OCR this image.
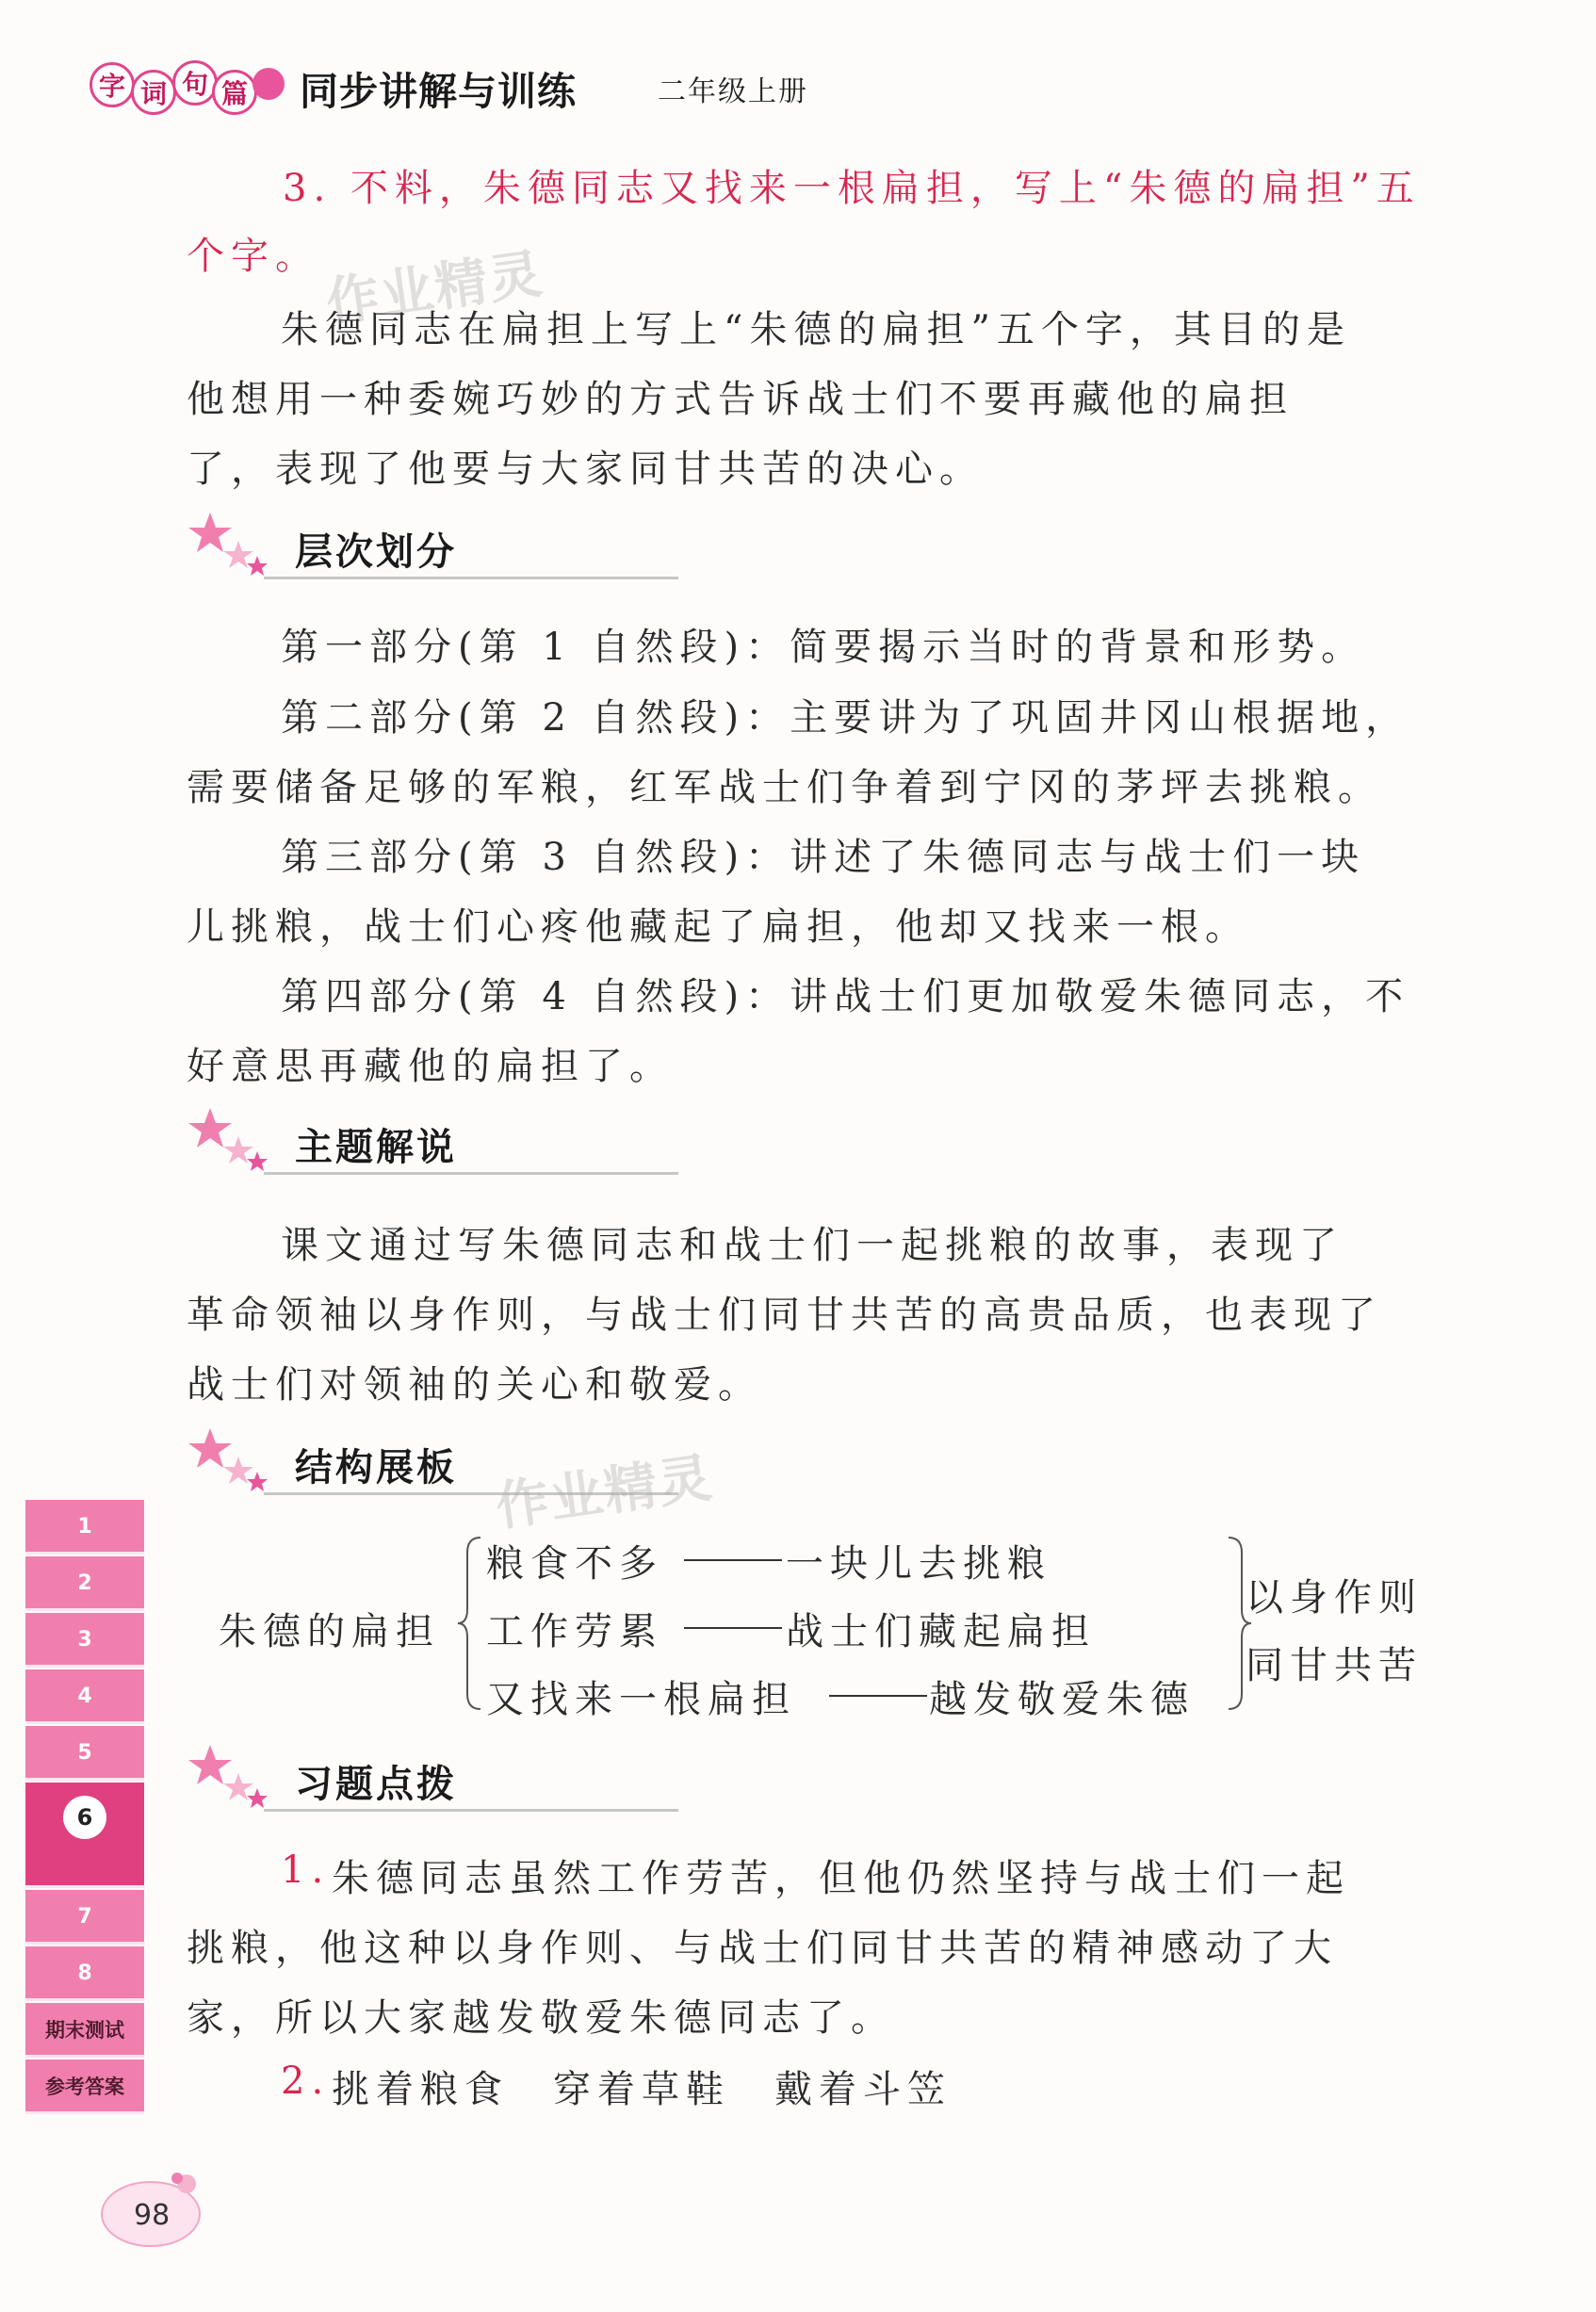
字 词 句 篇 同步讲解与训练	二年级上册
3. 不料，朱德同志又找来一根扁担，写上“朱德的扁担”五
个字。
朱德同志在扁担上写上“朱德的扁担”五个字，其目的是
他想用一种委婉巧妙的方式告诉战士们不要再藏他的扁担
了，表现了他要与大家同甘共苦的决心。
层次划分
第一部分(第 1 自然段)：简要揭示当时的背景和形势。
第二部分(第 2 自然段)：主要讲为了巩固井冈山根据地，
需要储备足够的军粮，红军战士们争着到宁冈的茅坪去挑粮。
第三部分(第 3 自然段)：讲述了朱德同志与战士们一块
儿挑粮，战士们心疼他藏起了扁担，他却又找来一根。
第四部分(第 4 自然段)：讲战士们更加敬爱朱德同志，不
好意思再藏他的扁担了。
主题解说
课文通过写朱德同志和战士们一起挑粮的故事，表现了
革命领袖以身作则，与战士们同甘共苦的高贵品质，也表现了
战士们对领袖的关心和敬爱。
结构展板
朱德的扁担
粮食不多	一块儿去挑粮
工作劳累	战士们藏起扁担
又找来一根扁担	越发敬爱朱德
以身作则
同甘共苦
习题点拨
1. 朱德同志虽然工作劳苦，但他仍然坚持与战士们一起
挑粮，他这种以身作则、与战士们同甘共苦的精神感动了大
家，所以大家越发敬爱朱德同志了。
2. 挑着粮食　穿着草鞋　戴着斗笠
1
2
3
4
5
6
7
8
期末测试
参考答案
98
作业精灵
作业精灵
